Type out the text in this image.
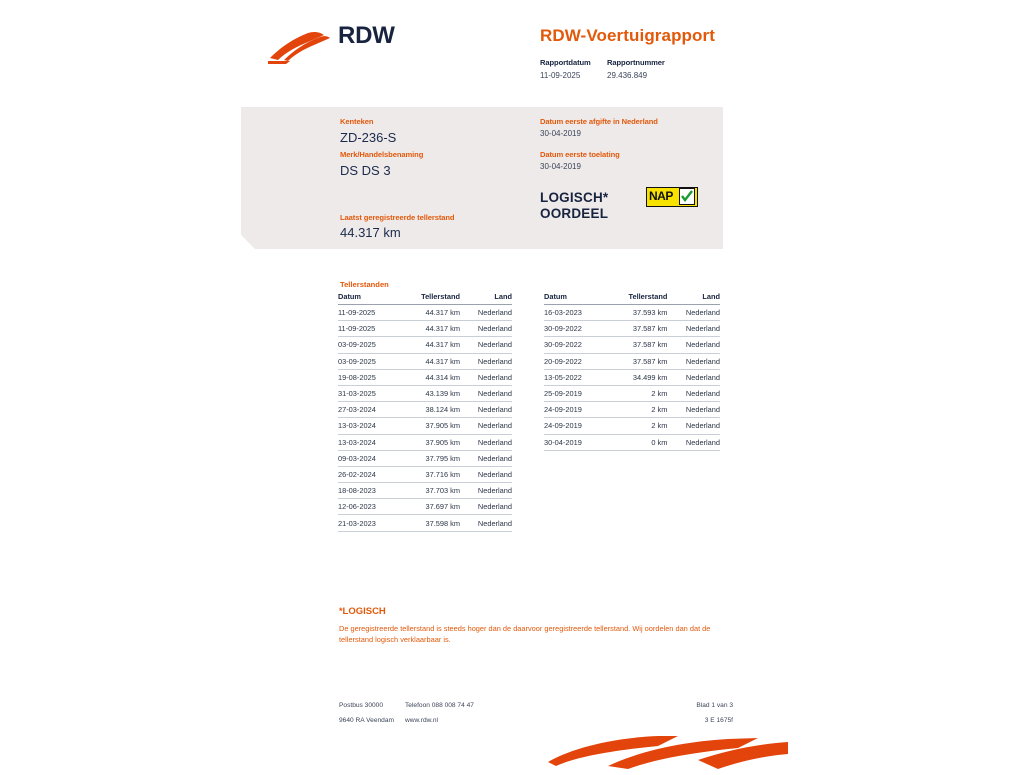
RDW	RDW-Voertuigrapport
Rapportdatum
11-09-2025
Rapportnummer
29.436.849
Kenteken
ZD-236-S
Merk/Handelsbenaming
DS DS 3
Laatst geregistreerde tellerstand
44.317 km
Datum eerste afgifte in Nederland
30-04-2019
Datum eerste toelating
30-04-2019
LOGISCH*
OORDEEL
NAP
Tellerstanden
Datum	Tellerstand	Land
11-09-2025	44.317 km	Nederland
11-09-2025	44.317 km	Nederland
03-09-2025	44.317 km	Nederland
03-09-2025	44.317 km	Nederland
19-08-2025	44.314 km	Nederland
31-03-2025	43.139 km	Nederland
27-03-2024	38.124 km	Nederland
13-03-2024	37.905 km	Nederland
13-03-2024	37.905 km	Nederland
09-03-2024	37.795 km	Nederland
26-02-2024	37.716 km	Nederland
18-08-2023	37.703 km	Nederland
12-06-2023	37.697 km	Nederland
21-03-2023	37.598 km	Nederland
Datum	Tellerstand	Land
16-03-2023	37.593 km	Nederland
30-09-2022	37.587 km	Nederland
30-09-2022	37.587 km	Nederland
20-09-2022	37.587 km	Nederland
13-05-2022	34.499 km	Nederland
25-09-2019	2 km	Nederland
24-09-2019	2 km	Nederland
24-09-2019	2 km	Nederland
30-04-2019	0 km	Nederland
*LOGISCH
De geregistreerde tellerstand is steeds hoger dan de daarvoor geregistreerde tellerstand. Wij oordelen dan dat de tellerstand logisch verklaarbaar is.
Postbus 30000	Telefoon 088 008 74 47	Blad 1 van 3
9640 RA Veendam www.rdw.nl	3 E 1675f
